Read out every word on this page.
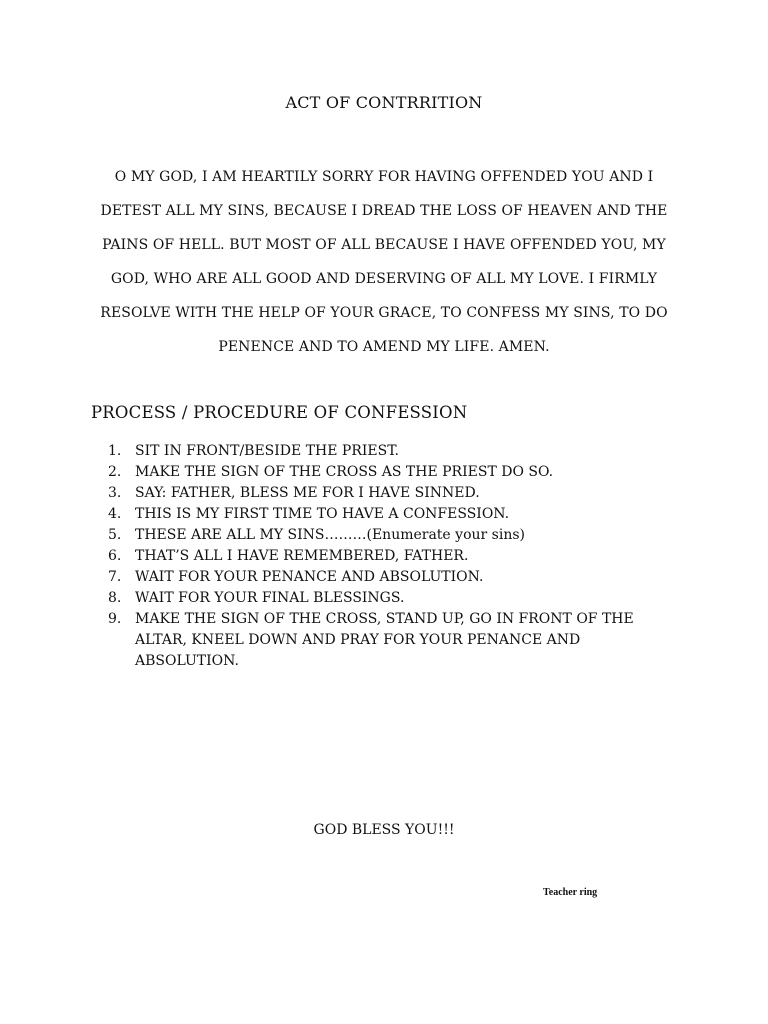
ACT OF CONTRRITION
O MY GOD, I AM HEARTILY SORRY FOR HAVING OFFENDED YOU AND I
DETEST ALL MY SINS, BECAUSE I DREAD THE LOSS OF HEAVEN AND THE
PAINS OF HELL. BUT MOST OF ALL BECAUSE I HAVE OFFENDED YOU, MY
GOD, WHO ARE ALL GOOD AND DESERVING OF ALL MY LOVE. I FIRMLY
RESOLVE WITH THE HELP OF YOUR GRACE, TO CONFESS MY SINS, TO DO
PENENCE AND TO AMEND MY LIFE. AMEN.
PROCESS / PROCEDURE OF CONFESSION
1. SIT IN FRONT/BESIDE THE PRIEST.
2. MAKE THE SIGN OF THE CROSS AS THE PRIEST DO SO.
3. SAY: FATHER, BLESS ME FOR I HAVE SINNED.
4. THIS IS MY FIRST TIME TO HAVE A CONFESSION.
5. THESE ARE ALL MY SINS………(Enumerate your sins)
6. THAT’S ALL I HAVE REMEMBERED, FATHER.
7. WAIT FOR YOUR PENANCE AND ABSOLUTION.
8. WAIT FOR YOUR FINAL BLESSINGS.
9. MAKE THE SIGN OF THE CROSS, STAND UP, GO IN FRONT OF THE
ALTAR, KNEEL DOWN AND PRAY FOR YOUR PENANCE AND
ABSOLUTION.
GOD BLESS YOU!!!
Teacher ring
